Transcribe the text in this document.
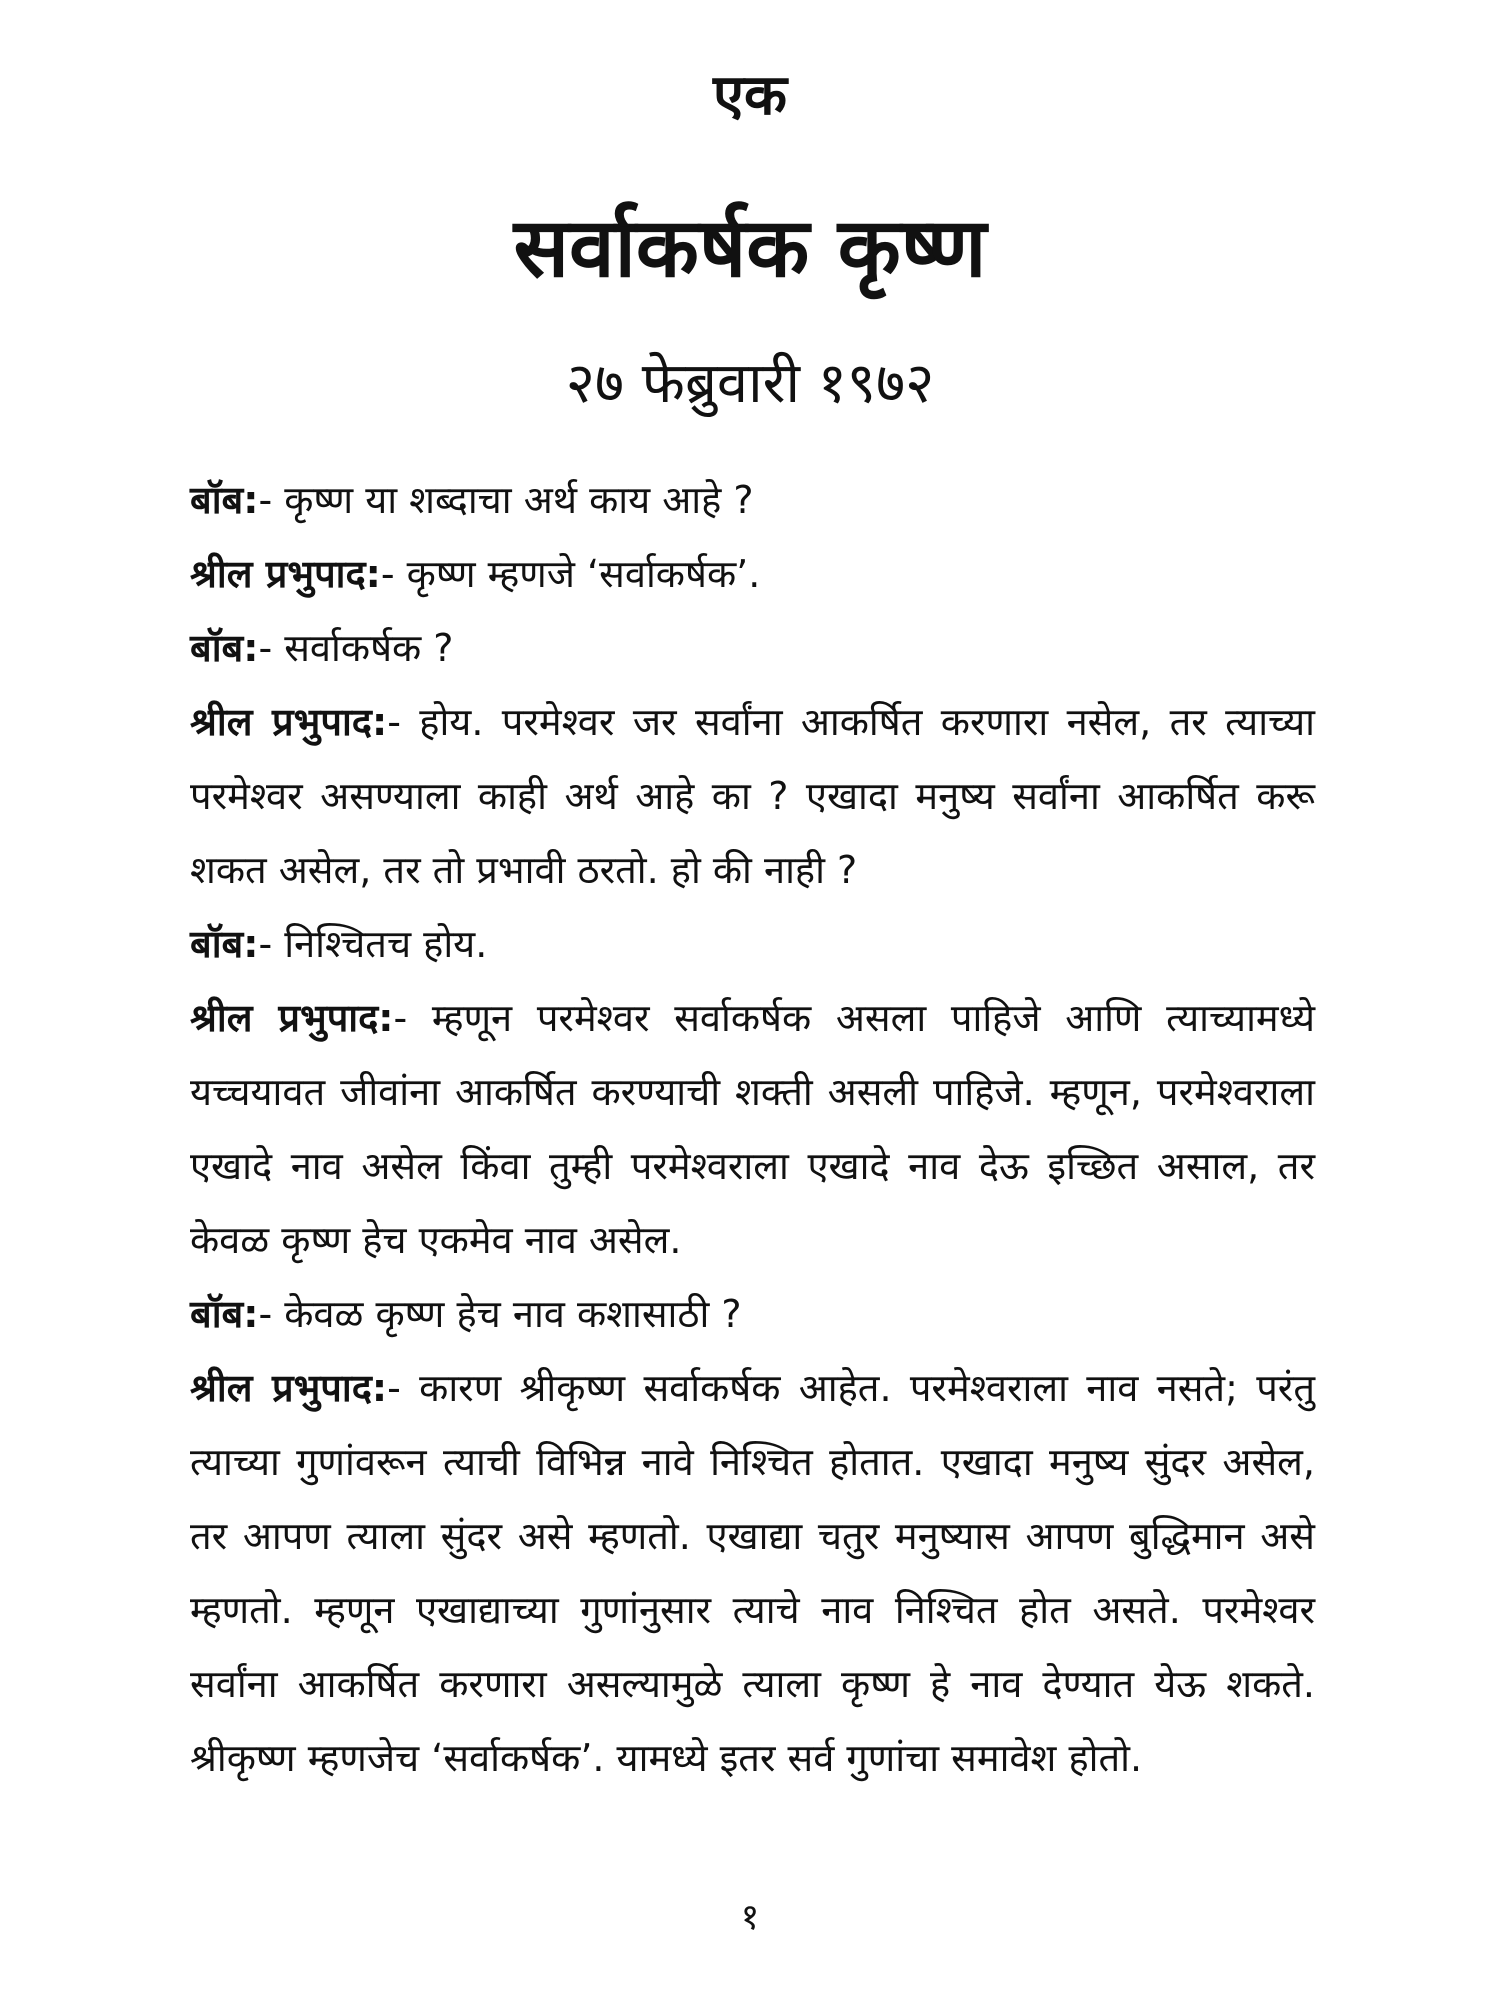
एक
सर्वाकर्षक कृष्ण
२७ फेब्रुवारी १९७२

बॉब:- कृष्ण या शब्दाचा अर्थ काय आहे ?

श्रील प्रभुपाद:- कृष्ण म्हणजे ‘सर्वाकर्षक’.

बॉब:- सर्वाकर्षक ?

श्रील प्रभुपाद:- होय. परमेश्वर जर सर्वांना आकर्षित करणारा नसेल, तर त्याच्या परमेश्वर असण्याला काही अर्थ आहे का ? एखादा मनुष्य सर्वांना आकर्षित करू शकत असेल, तर तो प्रभावी ठरतो. हो की नाही ?

बॉब:- निश्चितच होय.

श्रील प्रभुपाद:- म्हणून परमेश्वर सर्वाकर्षक असला पाहिजे आणि त्याच्यामध्ये यच्चयावत जीवांना आकर्षित करण्याची शक्ती असली पाहिजे. म्हणून, परमेश्वराला एखादे नाव असेल किंवा तुम्ही परमेश्वराला एखादे नाव देऊ इच्छित असाल, तर केवळ कृष्ण हेच एकमेव नाव असेल.

बॉब:- केवळ कृष्ण हेच नाव कशासाठी ?

श्रील प्रभुपाद:- कारण श्रीकृष्ण सर्वाकर्षक आहेत. परमेश्वराला नाव नसते; परंतु त्याच्या गुणांवरून त्याची विभिन्न नावे निश्चित होतात. एखादा मनुष्य सुंदर असेल, तर आपण त्याला सुंदर असे म्हणतो. एखाद्या चतुर मनुष्यास आपण बुद्धिमान असे म्हणतो. म्हणून एखाद्याच्या गुणांनुसार त्याचे नाव निश्चित होत असते. परमेश्वर सर्वांना आकर्षित करणारा असल्यामुळे त्याला कृष्ण हे नाव देण्यात येऊ शकते. श्रीकृष्ण म्हणजेच ‘सर्वाकर्षक’. यामध्ये इतर सर्व गुणांचा समावेश होतो.

१
